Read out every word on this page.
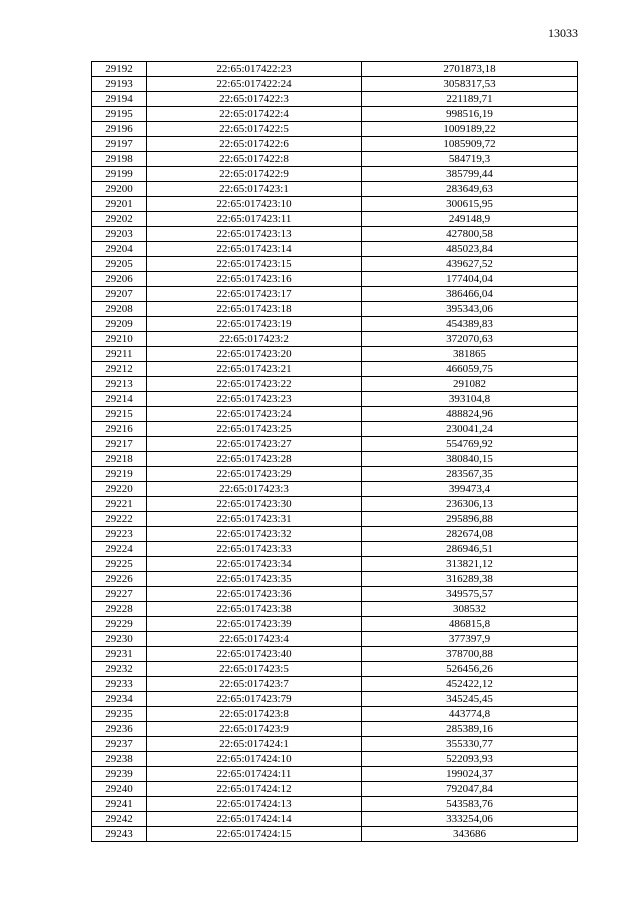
13033
29192	22:65:017422:23	2701873,18
29193	22:65:017422:24	3058317,53
29194	22:65:017422:3	221189,71
29195	22:65:017422:4	998516,19
29196	22:65:017422:5	1009189,22
29197	22:65:017422:6	1085909,72
29198	22:65:017422:8	584719,3
29199	22:65:017422:9	385799,44
29200	22:65:017423:1	283649,63
29201	22:65:017423:10	300615,95
29202	22:65:017423:11	249148,9
29203	22:65:017423:13	427800,58
29204	22:65:017423:14	485023,84
29205	22:65:017423:15	439627,52
29206	22:65:017423:16	177404,04
29207	22:65:017423:17	386466,04
29208	22:65:017423:18	395343,06
29209	22:65:017423:19	454389,83
29210	22:65:017423:2	372070,63
29211	22:65:017423:20	381865
29212	22:65:017423:21	466059,75
29213	22:65:017423:22	291082
29214	22:65:017423:23	393104,8
29215	22:65:017423:24	488824,96
29216	22:65:017423:25	230041,24
29217	22:65:017423:27	554769,92
29218	22:65:017423:28	380840,15
29219	22:65:017423:29	283567,35
29220	22:65:017423:3	399473,4
29221	22:65:017423:30	236306,13
29222	22:65:017423:31	295896,88
29223	22:65:017423:32	282674,08
29224	22:65:017423:33	286946,51
29225	22:65:017423:34	313821,12
29226	22:65:017423:35	316289,38
29227	22:65:017423:36	349575,57
29228	22:65:017423:38	308532
29229	22:65:017423:39	486815,8
29230	22:65:017423:4	377397,9
29231	22:65:017423:40	378700,88
29232	22:65:017423:5	526456,26
29233	22:65:017423:7	452422,12
29234	22:65:017423:79	345245,45
29235	22:65:017423:8	443774,8
29236	22:65:017423:9	285389,16
29237	22:65:017424:1	355330,77
29238	22:65:017424:10	522093,93
29239	22:65:017424:11	199024,37
29240	22:65:017424:12	792047,84
29241	22:65:017424:13	543583,76
29242	22:65:017424:14	333254,06
29243	22:65:017424:15	343686
